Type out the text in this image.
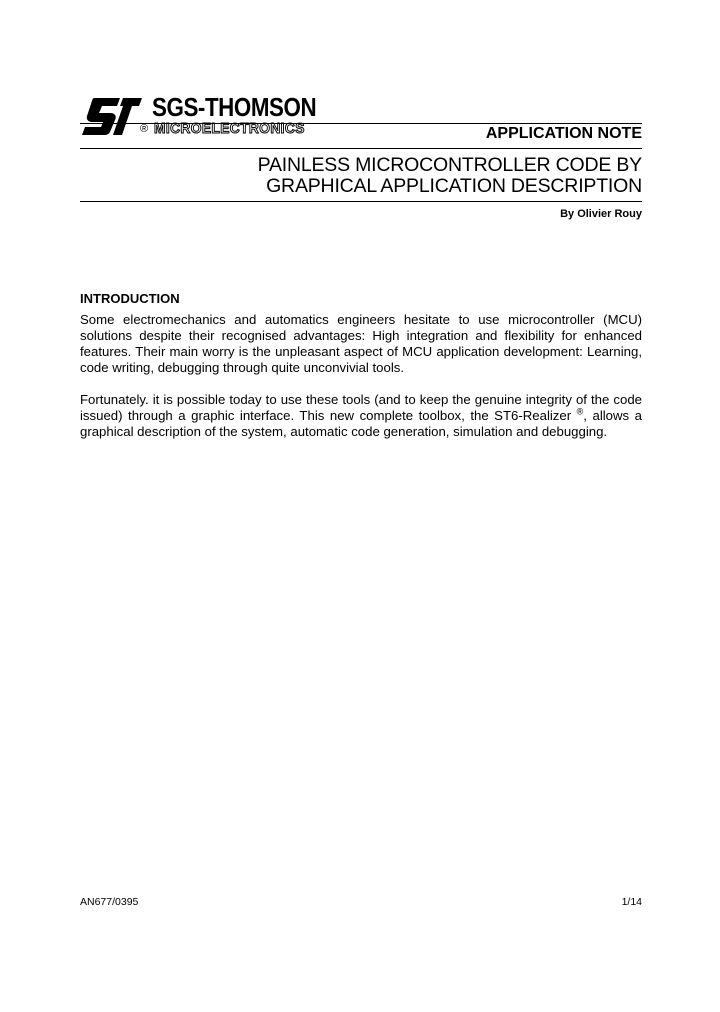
SGS-THOMSON
® MICROELECTRONICS	APPLICATION NOTE
PAINLESS MICROCONTROLLER CODE BY
GRAPHICAL APPLICATION DESCRIPTION
By Olivier Rouy
INTRODUCTION
Some electromechanics and automatics engineers hesitate to use microcontroller (MCU) solutions despite their recognised advantages: High integration and flexibility for enhanced features. Their main worry is the unpleasant aspect of MCU application development: Learning, code writing, debugging through quite unconvivial tools.
Fortunately. it is possible today to use these tools (and to keep the genuine integrity of the code issued) through a graphic interface. This new complete toolbox, the ST6-Realizer ®, allows a graphical description of the system, automatic code generation, simulation and debugging.
AN677/0395	1/14
